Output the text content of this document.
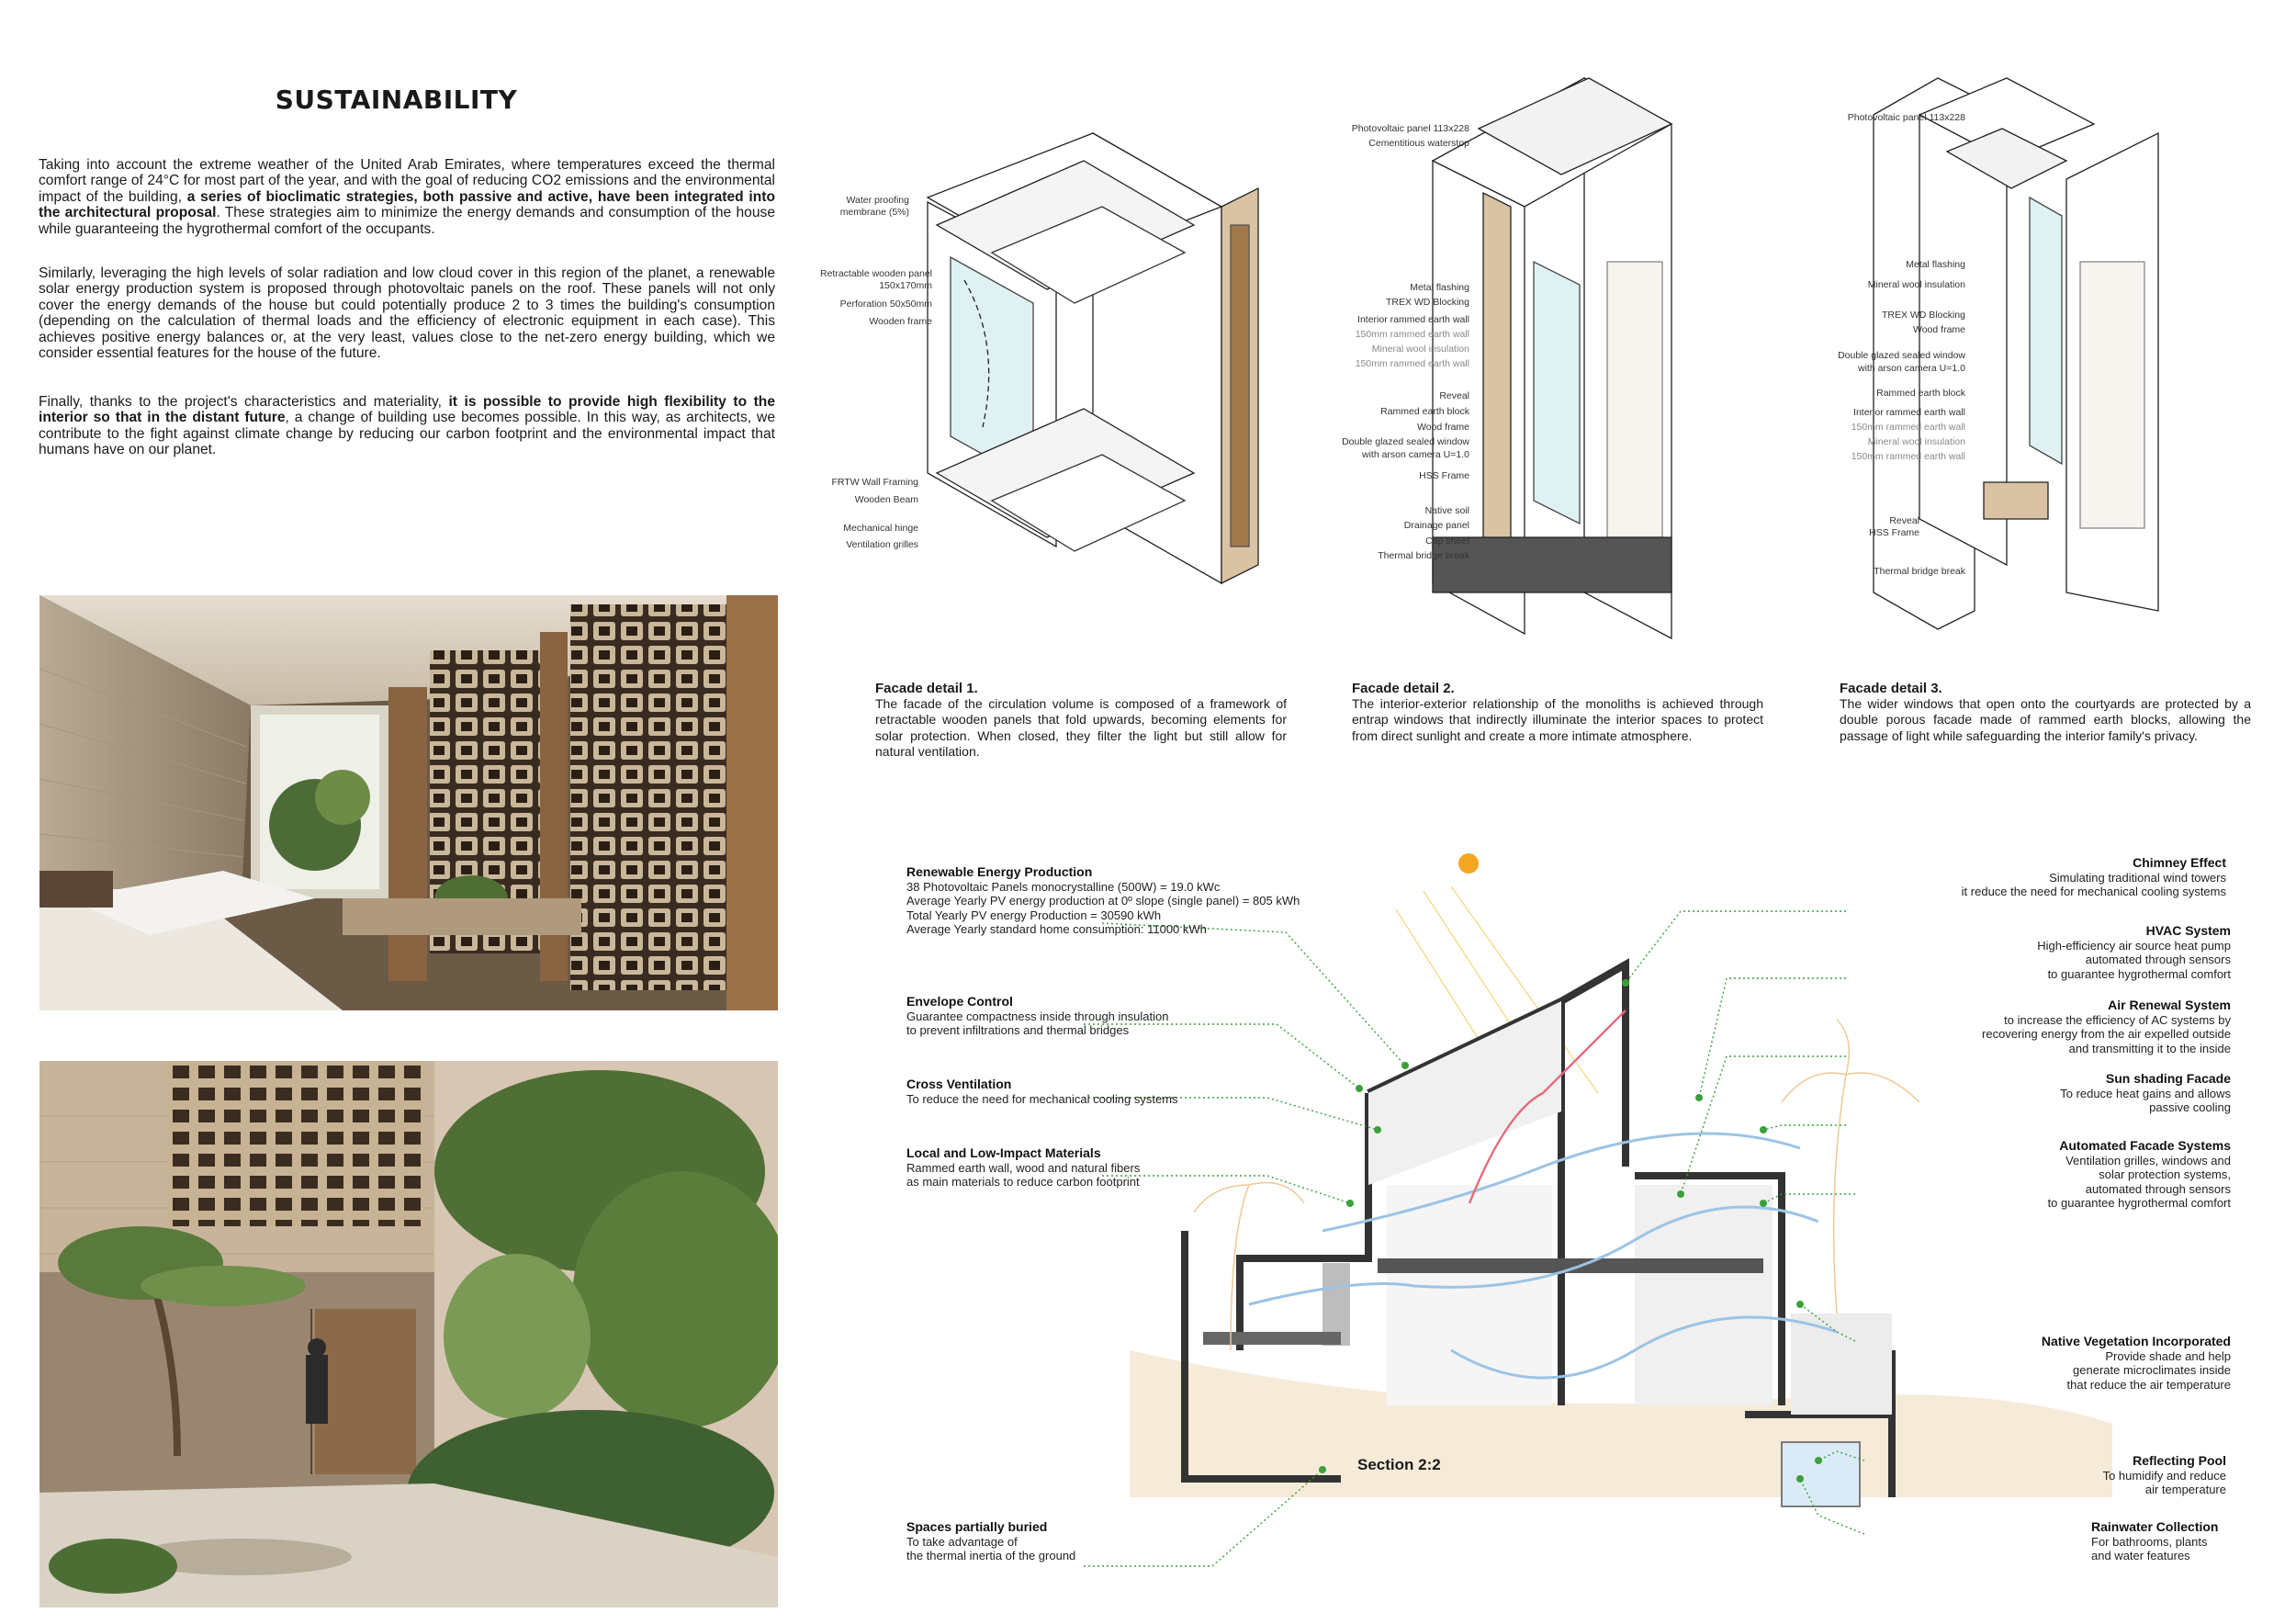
SUSTAINABILITY
Taking into account the extreme weather of the United Arab Emirates, where temperatures exceed the thermal comfort range of 24°C for most part of the year, and with the goal of reducing CO2 emissions and the environmental impact of the building, a series of bioclimatic strategies, both passive and active, have been integrated into the architectural proposal. These strategies aim to minimize the energy demands and consumption of the house while guaranteeing the hygrothermal comfort of the occupants.
Similarly, leveraging the high levels of solar radiation and low cloud cover in this region of the planet, a renewable solar energy production system is proposed through photovoltaic panels on the roof. These panels will not only cover the energy demands of the house but could potentially produce 2 to 3 times the building's consumption (depending on the calculation of thermal loads and the efficiency of electronic equipment in each case). This achieves positive energy balances or, at the very least, values close to the net-zero energy building, which we consider essential features for the house of the future.
Finally, thanks to the project's characteristics and materiality, it is possible to provide high flexibility to the interior so that in the distant future, a change of building use becomes possible. In this way, as architects, we contribute to the fight against climate change by reducing our carbon footprint and the environmental impact that humans have on our planet.
Water proofing
membrane (5%)
Retractable wooden panel
150x170mm
Perforation 50x50mm
Wooden frame
FRTW Wall Framing
Wooden Beam
Mechanical hinge
Ventilation grilles
Photovoltaic panel 113x228
Cementitious waterstop
Metal flashing
TREX WD Blocking
Interior rammed earth wall
150mm rammed earth wall
Mineral wool insulation
150mm rammed earth wall
Reveal
Rammed earth block
Wood frame
Double glazed sealed window
with arson camera U=1.0
HSS Frame
Native soil
Drainage panel
Cap sheet
Thermal bridge break
Photovoltaic panel 113x228
Metal flashing
Mineral wool insulation
TREX WD Blocking
Wood frame
Double glazed sealed window
with arson camera U=1.0
Rammed earth block
Interior rammed earth wall
150mm rammed earth wall
Mineral wool insulation
150mm rammed earth wall
Reveal
HSS Frame
Thermal bridge break
Facade detail 1.
The facade of the circulation volume is composed of a framework of retractable wooden panels that fold upwards, becoming elements for solar protection. When closed, they filter the light but still allow for natural ventilation.
Facade detail 2.
The interior-exterior relationship of the monoliths is achieved through entrap windows that indirectly illuminate the interior spaces to protect from direct sunlight and create a more intimate atmosphere.
Facade detail 3.
The wider windows that open onto the courtyards are protected by a double porous facade made of rammed earth blocks, allowing the passage of light while safeguarding the interior family's privacy.
Section 2:2
Renewable Energy Production
38 Photovoltaic Panels monocrystalline (500W) = 19.0 kWc
Average Yearly PV energy production at 0º slope (single panel) = 805 kWh
Total Yearly PV energy Production = 30590 kWh
Average Yearly standard home consumption: 11000 kWh
Envelope Control
Guarantee compactness inside through insulation
to prevent infiltrations and thermal bridges
Cross Ventilation
To reduce the need for mechanical cooling systems
Local and Low-Impact Materials
Rammed earth wall, wood and natural fibers
as main materials to reduce carbon footprint
Spaces partially buried
To take advantage of
the thermal inertia of the ground
Chimney Effect
Simulating traditional wind towers
it reduce the need for mechanical cooling systems
HVAC System
High-efficiency air source heat pump
automated through sensors
to guarantee hygrothermal comfort
Air Renewal System
to increase the efficiency of AC systems by
recovering energy from the air expelled outside
and transmitting it to the inside
Sun shading Facade
To reduce heat gains and allows
passive cooling
Automated Facade Systems
Ventilation grilles, windows and
solar protection systems,
automated through sensors
to guarantee hygrothermal comfort
Native Vegetation Incorporated
Provide shade and help
generate microclimates inside
that reduce the air temperature
Reflecting Pool
To humidify and reduce
air temperature
Rainwater Collection
For bathrooms, plants
and water features
